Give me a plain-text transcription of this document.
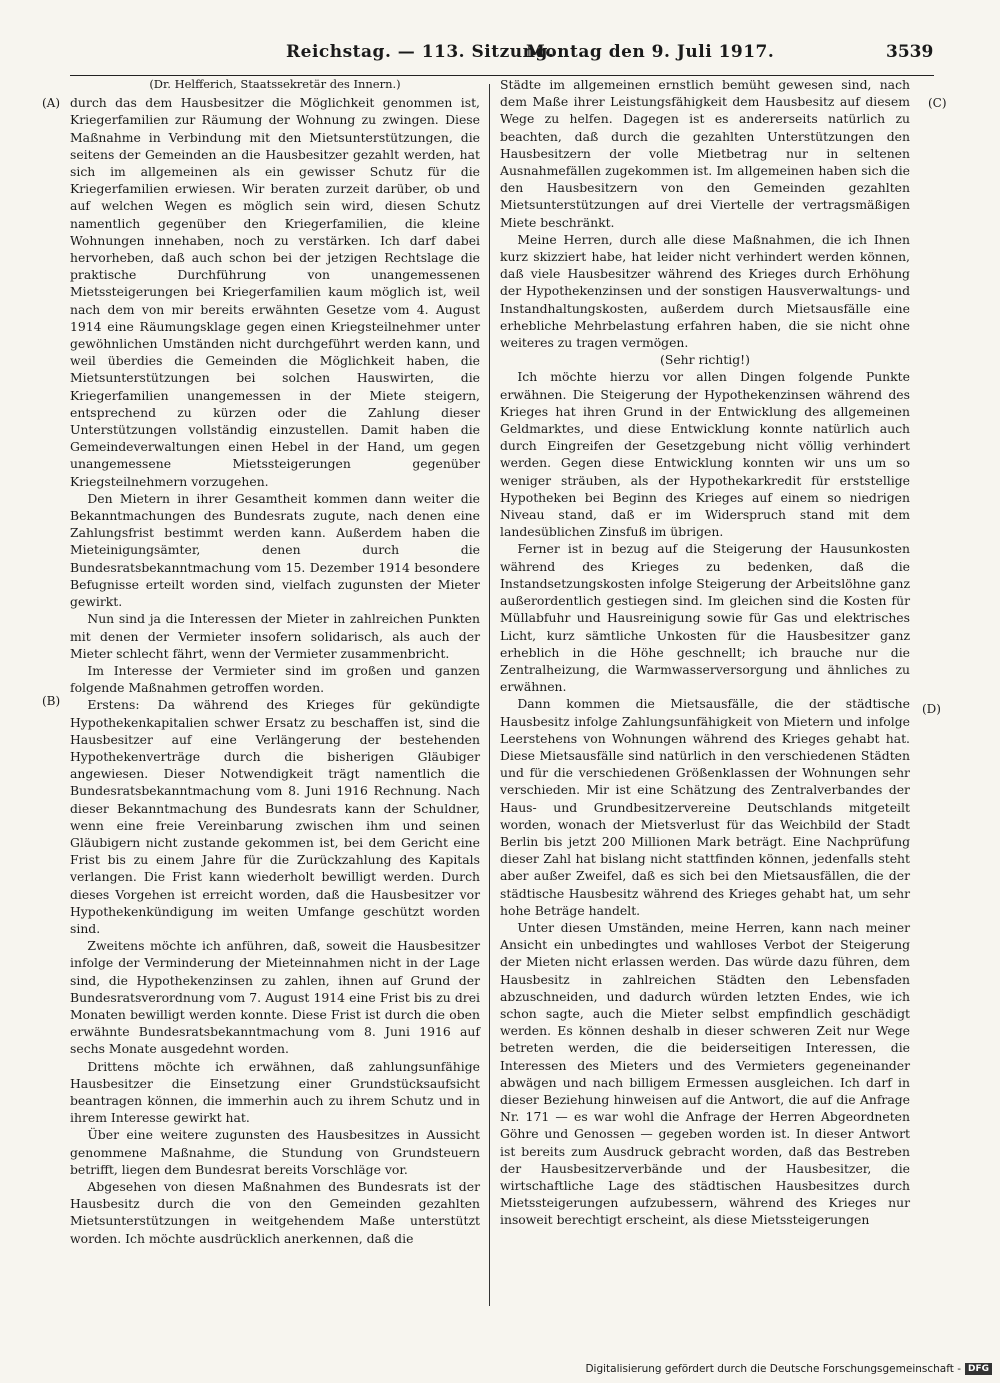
Reichstag. — 113. Sitzung.
Montag den 9. Juli 1917.	3539
(A)
(B)
(C)
(D)

(Dr. Helfferich, Staatssekretär des Innern.)

durch das dem Hausbesitzer die Möglichkeit genommen ist, Kriegerfamilien zur Räumung der Wohnung zu zwingen. Diese Maßnahme in Verbindung mit den Mietsunterstützungen, die seitens der Gemeinden an die Hausbesitzer gezahlt werden, hat sich im allgemeinen als ein gewisser Schutz für die Kriegerfamilien erwiesen. Wir beraten zurzeit darüber, ob und auf welchen Wegen es möglich sein wird, diesen Schutz namentlich gegenüber den Kriegerfamilien, die kleine Wohnungen innehaben, noch zu verstärken. Ich darf dabei hervorheben, daß auch schon bei der jetzigen Rechtslage die praktische Durchführung von unangemessenen Mietssteigerungen bei Kriegerfamilien kaum möglich ist, weil nach dem von mir bereits erwähnten Gesetze vom 4. August 1914 eine Räumungsklage gegen einen Kriegsteilnehmer unter gewöhnlichen Umständen nicht durchgeführt werden kann, und weil überdies die Gemeinden die Möglichkeit haben, die Mietsunterstützungen bei solchen Hauswirten, die Kriegerfamilien unangemessen in der Miete steigern, entsprechend zu kürzen oder die Zahlung dieser Unterstützungen vollständig einzustellen. Damit haben die Gemeindeverwaltungen einen Hebel in der Hand, um gegen unangemessene Mietssteigerungen gegenüber Kriegsteilnehmern vorzugehen.

Den Mietern in ihrer Gesamtheit kommen dann weiter die Bekanntmachungen des Bundesrats zugute, nach denen eine Zahlungsfrist bestimmt werden kann. Außerdem haben die Mieteinigungsämter, denen durch die Bundesratsbekanntmachung vom 15. Dezember 1914 besondere Befugnisse erteilt worden sind, vielfach zugunsten der Mieter gewirkt.

Nun sind ja die Interessen der Mieter in zahlreichen Punkten mit denen der Vermieter insofern solidarisch, als auch der Mieter schlecht fährt, wenn der Vermieter zusammenbricht.

Im Interesse der Vermieter sind im großen und ganzen folgende Maßnahmen getroffen worden.

Erstens: Da während des Krieges für gekündigte Hypothekenkapitalien schwer Ersatz zu beschaffen ist, sind die Hausbesitzer auf eine Verlängerung der bestehenden Hypothekenverträge durch die bisherigen Gläubiger angewiesen. Dieser Notwendigkeit trägt namentlich die Bundesratsbekanntmachung vom 8. Juni 1916 Rechnung. Nach dieser Bekanntmachung des Bundesrats kann der Schuldner, wenn eine freie Vereinbarung zwischen ihm und seinen Gläubigern nicht zustande gekommen ist, bei dem Gericht eine Frist bis zu einem Jahre für die Zurückzahlung des Kapitals verlangen. Die Frist kann wiederholt bewilligt werden. Durch dieses Vorgehen ist erreicht worden, daß die Hausbesitzer vor Hypothekenkündigung im weiten Umfange geschützt worden sind.

Zweitens möchte ich anführen, daß, soweit die Hausbesitzer infolge der Verminderung der Mieteinnahmen nicht in der Lage sind, die Hypothekenzinsen zu zahlen, ihnen auf Grund der Bundesratsverordnung vom 7. August 1914 eine Frist bis zu drei Monaten bewilligt werden konnte. Diese Frist ist durch die oben erwähnte Bundesratsbekanntmachung vom 8. Juni 1916 auf sechs Monate ausgedehnt worden.

Drittens möchte ich erwähnen, daß zahlungsunfähige Hausbesitzer die Einsetzung einer Grundstücksaufsicht beantragen können, die immerhin auch zu ihrem Schutz und in ihrem Interesse gewirkt hat.

Über eine weitere zugunsten des Hausbesitzes in Aussicht genommene Maßnahme, die Stundung von Grundsteuern betrifft, liegen dem Bundesrat bereits Vorschläge vor.

Abgesehen von diesen Maßnahmen des Bundesrats ist der Hausbesitz durch die von den Gemeinden gezahlten Mietsunterstützungen in weitgehendem Maße unterstützt worden. Ich möchte ausdrücklich anerkennen, daß die

Städte im allgemeinen ernstlich bemüht gewesen sind, nach dem Maße ihrer Leistungsfähigkeit dem Hausbesitz auf diesem Wege zu helfen. Dagegen ist es andererseits natürlich zu beachten, daß durch die gezahlten Unterstützungen den Hausbesitzern der volle Mietbetrag nur in seltenen Ausnahmefällen zugekommen ist. Im allgemeinen haben sich die den Hausbesitzern von den Gemeinden gezahlten Mietsunterstützungen auf drei Viertelle der vertragsmäßigen Miete beschränkt.

Meine Herren, durch alle diese Maßnahmen, die ich Ihnen kurz skizziert habe, hat leider nicht verhindert werden können, daß viele Hausbesitzer während des Krieges durch Erhöhung der Hypothekenzinsen und der sonstigen Hausverwaltungs- und Instandhaltungskosten, außerdem durch Mietsausfälle eine erhebliche Mehrbelastung erfahren haben, die sie nicht ohne weiteres zu tragen vermögen.

(Sehr richtig!)

Ich möchte hierzu vor allen Dingen folgende Punkte erwähnen. Die Steigerung der Hypothekenzinsen während des Krieges hat ihren Grund in der Entwicklung des allgemeinen Geldmarktes, und diese Entwicklung konnte natürlich auch durch Eingreifen der Gesetzgebung nicht völlig verhindert werden. Gegen diese Entwicklung konnten wir uns um so weniger sträuben, als der Hypothekarkredit für erststellige Hypotheken bei Beginn des Krieges auf einem so niedrigen Niveau stand, daß er im Widerspruch stand mit dem landesüblichen Zinsfuß im übrigen.

Ferner ist in bezug auf die Steigerung der Hausunkosten während des Krieges zu bedenken, daß die Instandsetzungskosten infolge Steigerung der Arbeitslöhne ganz außerordentlich gestiegen sind. Im gleichen sind die Kosten für Müllabfuhr und Hausreinigung sowie für Gas und elektrisches Licht, kurz sämtliche Unkosten für die Hausbesitzer ganz erheblich in die Höhe geschnellt; ich brauche nur die Zentralheizung, die Warmwasserversorgung und ähnliches zu erwähnen.

Dann kommen die Mietsausfälle, die der städtische Hausbesitz infolge Zahlungsunfähigkeit von Mietern und infolge Leerstehens von Wohnungen während des Krieges gehabt hat. Diese Mietsausfälle sind natürlich in den verschiedenen Städten und für die verschiedenen Größenklassen der Wohnungen sehr verschieden. Mir ist eine Schätzung des Zentralverbandes der Haus- und Grundbesitzervereine Deutschlands mitgeteilt worden, wonach der Mietsverlust für das Weichbild der Stadt Berlin bis jetzt 200 Millionen Mark beträgt. Eine Nachprüfung dieser Zahl hat bislang nicht stattfinden können, jedenfalls steht aber außer Zweifel, daß es sich bei den Mietsausfällen, die der städtische Hausbesitz während des Krieges gehabt hat, um sehr hohe Beträge handelt.

Unter diesen Umständen, meine Herren, kann nach meiner Ansicht ein unbedingtes und wahlloses Verbot der Steigerung der Mieten nicht erlassen werden. Das würde dazu führen, dem Hausbesitz in zahlreichen Städten den Lebensfaden abzuschneiden, und dadurch würden letzten Endes, wie ich schon sagte, auch die Mieter selbst empfindlich geschädigt werden. Es können deshalb in dieser schweren Zeit nur Wege betreten werden, die die beiderseitigen Interessen, die Interessen des Mieters und des Vermieters gegeneinander abwägen und nach billigem Ermessen ausgleichen. Ich darf in dieser Beziehung hinweisen auf die Antwort, die auf die Anfrage Nr. 171 — es war wohl die Anfrage der Herren Abgeordneten Göhre und Genossen — gegeben worden ist. In dieser Antwort ist bereits zum Ausdruck gebracht worden, daß das Bestreben der Hausbesitzerverbände und der Hausbesitzer, die wirtschaftliche Lage des städtischen Hausbesitzes durch Mietssteigerungen aufzubessern, während des Krieges nur insoweit berechtigt erscheint, als diese Mietssteigerungen

Digitalisierung gefördert durch die Deutsche Forschungsgemeinschaft - DFG
